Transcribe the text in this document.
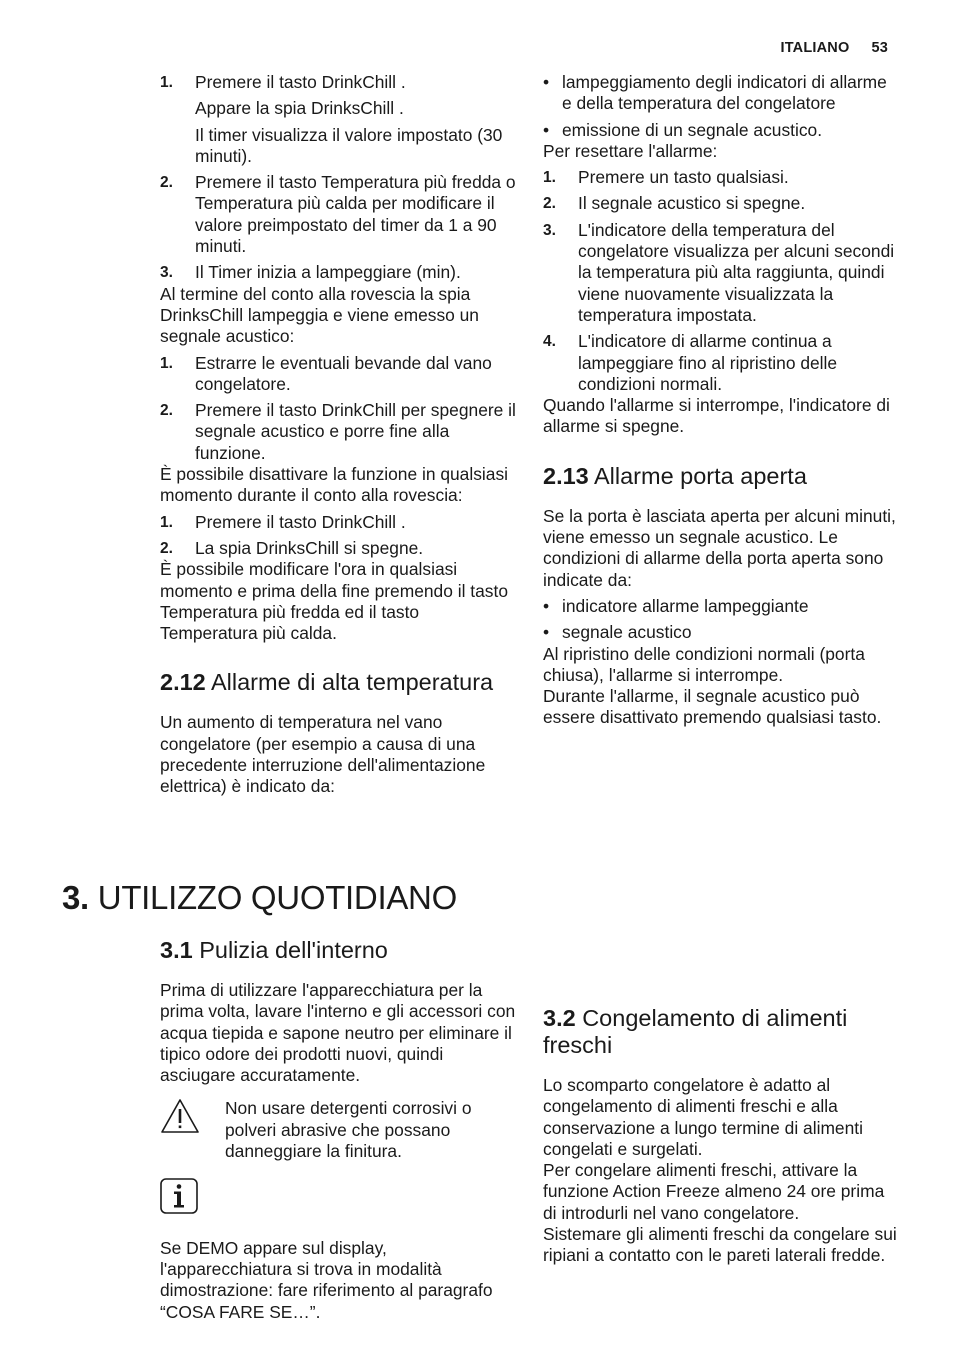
ITALIANO 53
1.	Premere il tasto DrinkChill .

Appare la spia DrinksChill .

Il timer visualizza il valore impostato (30 minuti).

2.	Premere il tasto Temperatura più fredda o Temperatura più calda per modificare il valore preimpostato del timer da 1 a 90 minuti.
3.	Il Timer inizia a lampeggiare (min).

Al termine del conto alla rovescia la spia DrinksChill lampeggia e viene emesso un segnale acustico:

1.	Estrarre le eventuali bevande dal vano congelatore.
2.	Premere il tasto DrinkChill per spegnere il segnale acustico e porre fine alla funzione.

È possibile disattivare la funzione in qualsiasi momento durante il conto alla rovescia:

1.	Premere il tasto DrinkChill .
2.	La spia DrinksChill si spegne.

È possibile modificare l'ora in qualsiasi momento e prima della fine premendo il tasto Temperatura più fredda ed il tasto Temperatura più calda.

2.12 Allarme di alta temperatura

Un aumento di temperatura nel vano congelatore (per esempio a causa di una precedente interruzione dell'alimentazione elettrica) è indicato da:

• lampeggiamento degli indicatori di allarme e della temperatura del congelatore
• emissione di un segnale acustico.

Per resettare l'allarme:

1.	Premere un tasto qualsiasi.
2.	Il segnale acustico si spegne.
3.	L'indicatore della temperatura del congelatore visualizza per alcuni secondi la temperatura più alta raggiunta, quindi viene nuovamente visualizzata la temperatura impostata.
4.	L'indicatore di allarme continua a lampeggiare fino al ripristino delle condizioni normali.

Quando l'allarme si interrompe, l'indicatore di allarme si spegne.

2.13 Allarme porta aperta

Se la porta è lasciata aperta per alcuni minuti, viene emesso un segnale acustico. Le condizioni di allarme della porta aperta sono indicate da:

• indicatore allarme lampeggiante
• segnale acustico

Al ripristino delle condizioni normali (porta chiusa), l'allarme si interrompe.

Durante l'allarme, il segnale acustico può essere disattivato premendo qualsiasi tasto.

3. UTILIZZO QUOTIDIANO
3.1 Pulizia dell'interno

Prima di utilizzare l'apparecchiatura per la prima volta, lavare l'interno e gli accessori con acqua tiepida e sapone neutro per eliminare il tipico odore dei prodotti nuovi, quindi asciugare accuratamente.

Non usare detergenti corrosivi o polveri abrasive che possano danneggiare la finitura.

Se DEMO appare sul display, l'apparecchiatura si trova in modalità dimostrazione: fare riferimento al paragrafo “COSA FARE SE…”.

3.2 Congelamento di alimenti freschi

Lo scomparto congelatore è adatto al congelamento di alimenti freschi e alla conservazione a lungo termine di alimenti congelati e surgelati.

Per congelare alimenti freschi, attivare la funzione Action Freeze almeno 24 ore prima di introdurli nel vano congelatore.

Sistemare gli alimenti freschi da congelare sui ripiani a contatto con le pareti laterali fredde.
